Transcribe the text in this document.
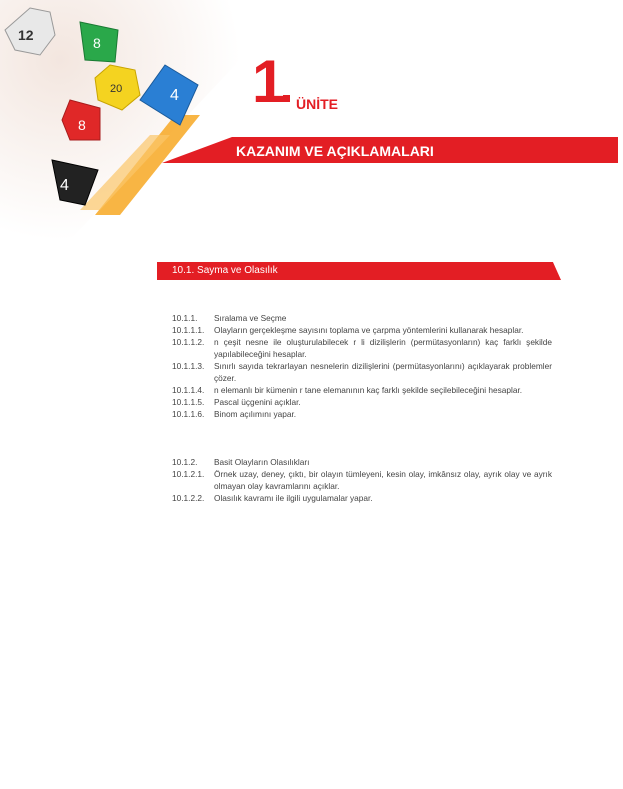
12	8
20	4
8
4
1 ÜNİTE
KAZANIM VE AÇIKLAMALARI
10.1. Sayma ve Olasılık
10.1.1.	Sıralama ve Seçme
10.1.1.1.	Olayların gerçekleşme sayısını toplama ve çarpma yöntemlerini kullanarak hesaplar.
10.1.1.2.	n çeşit nesne ile oluşturulabilecek r li dizilişlerin (permütasyonların) kaç farklı şekilde yapılabileceğini hesaplar.
10.1.1.3.	Sınırlı sayıda tekrarlayan nesnelerin dizilişlerini (permütasyonlarını) açıklayarak problemler çözer.
10.1.1.4.	n elemanlı bir kümenin r tane elemanının kaç farklı şekilde seçilebileceğini hesaplar.
10.1.1.5.	Pascal üçgenini açıklar.
10.1.1.6.	Binom açılımını yapar.
10.1.2.	Basit Olayların Olasılıkları
10.1.2.1.	Örnek uzay, deney, çıktı, bir olayın tümleyeni, kesin olay, imkânsız olay, ayrık olay ve ayrık olmayan olay kavramlarını açıklar.
10.1.2.2.	Olasılık kavramı ile ilgili uygulamalar yapar.
